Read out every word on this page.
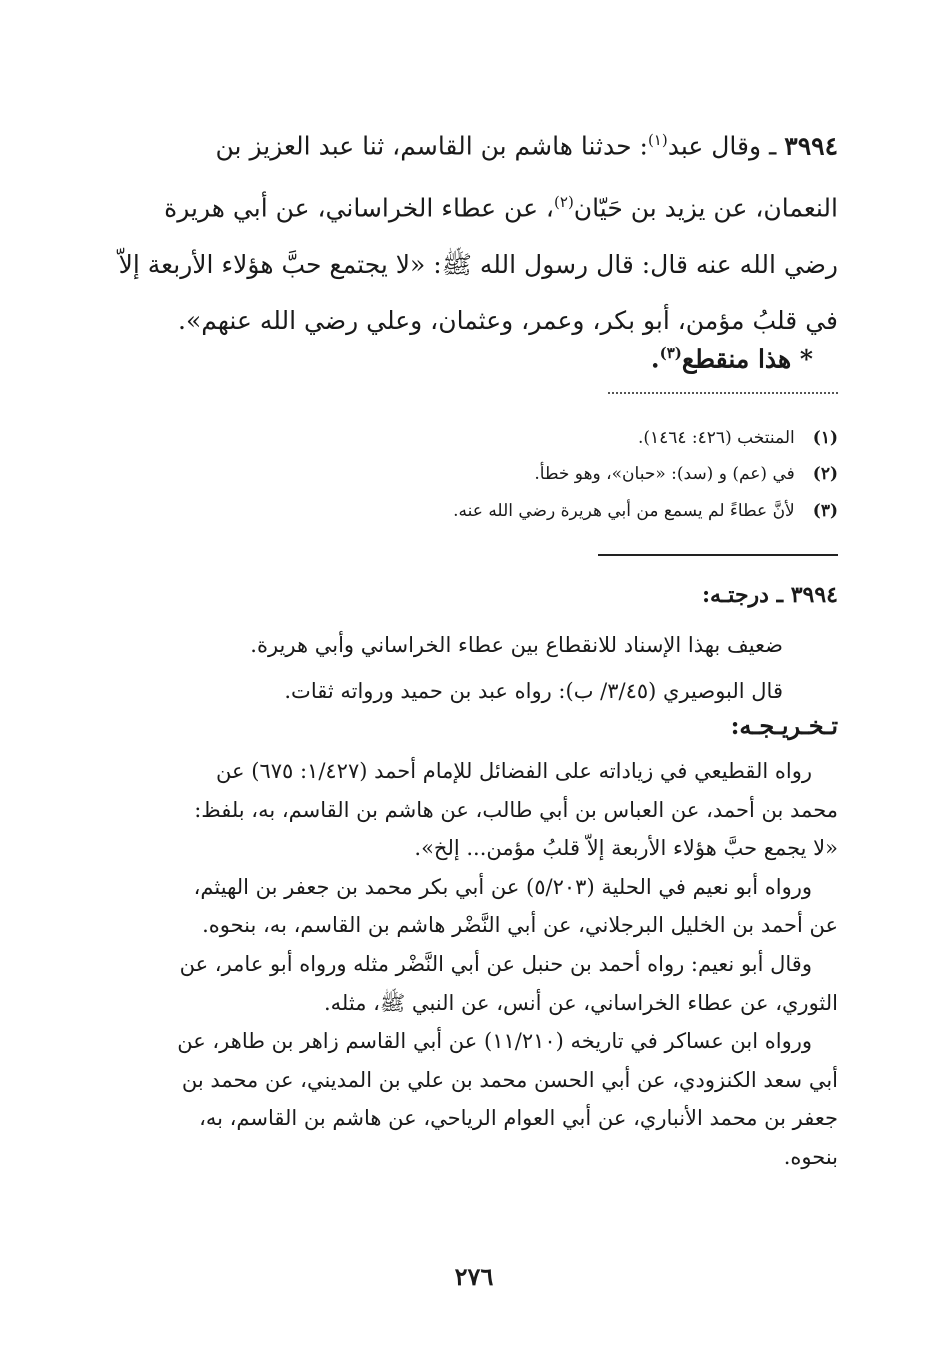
٣٩٩٤ ـ وقال عبد$^{(١)}$: حدثنا هاشم بن القاسم، ثنا عبد العزيز بن
النعمان، عن يزيد بن حَيّان$^{(٢)}$، عن عطاء الخراساني، عن أبي هريرة
رضي الله عنه قال: قال رسول الله ﷺ: «لا يجتمع حبَّ هؤلاء الأربعة إلاّ
في قلبُ مؤمن، أبو بكر، وعمر، وعثمان، وعلي رضي الله عنهم».
* هذا منقطع$^{(٣)}$.
(١)المنتخب (٤٢٦: ١٤٦٤).
(٢)في (عم) و (سد): «حبان»، وهو خطأ.
(٣)لأنَّ عطاءً لم يسمع من أبي هريرة رضي الله عنه.
٣٩٩٤ ـ درجتـه:
ضعيف بهذا الإسناد للانقطاع بين عطاء الخراساني وأبي هريرة.
قال البوصيري (٣/٤٥/ ب): رواه عبد بن حميد ورواته ثقات.
تـخـريـجـه:
رواه القطيعي في زياداته على الفضائل للإمام أحمد (١/٤٢٧: ٦٧٥) عن
محمد بن أحمد، عن العباس بن أبي طالب، عن هاشم بن القاسم، به، بلفظ:
«لا يجمع حبَّ هؤلاء الأربعة إلاّ قلبُ مؤمن... إلخ».
ورواه أبو نعيم في الحلية (٥/٢٠٣) عن أبي بكر محمد بن جعفر بن الهيثم،
عن أحمد بن الخليل البرجلاني، عن أبي النَّضْر هاشم بن القاسم، به، بنحوه.
وقال أبو نعيم: رواه أحمد بن حنبل عن أبي النَّضْر مثله ورواه أبو عامر، عن
الثوري، عن عطاء الخراساني، عن أنس، عن النبي ﷺ، مثله.
ورواه ابن عساكر في تاريخه (١١/٢١٠) عن أبي القاسم زاهر بن طاهر، عن
أبي سعد الكنزودي، عن أبي الحسن محمد بن علي بن المديني، عن محمد بن
جعفر بن محمد الأنباري، عن أبي العوام الرياحي، عن هاشم بن القاسم، به،
بنحوه.
٢٧٦
